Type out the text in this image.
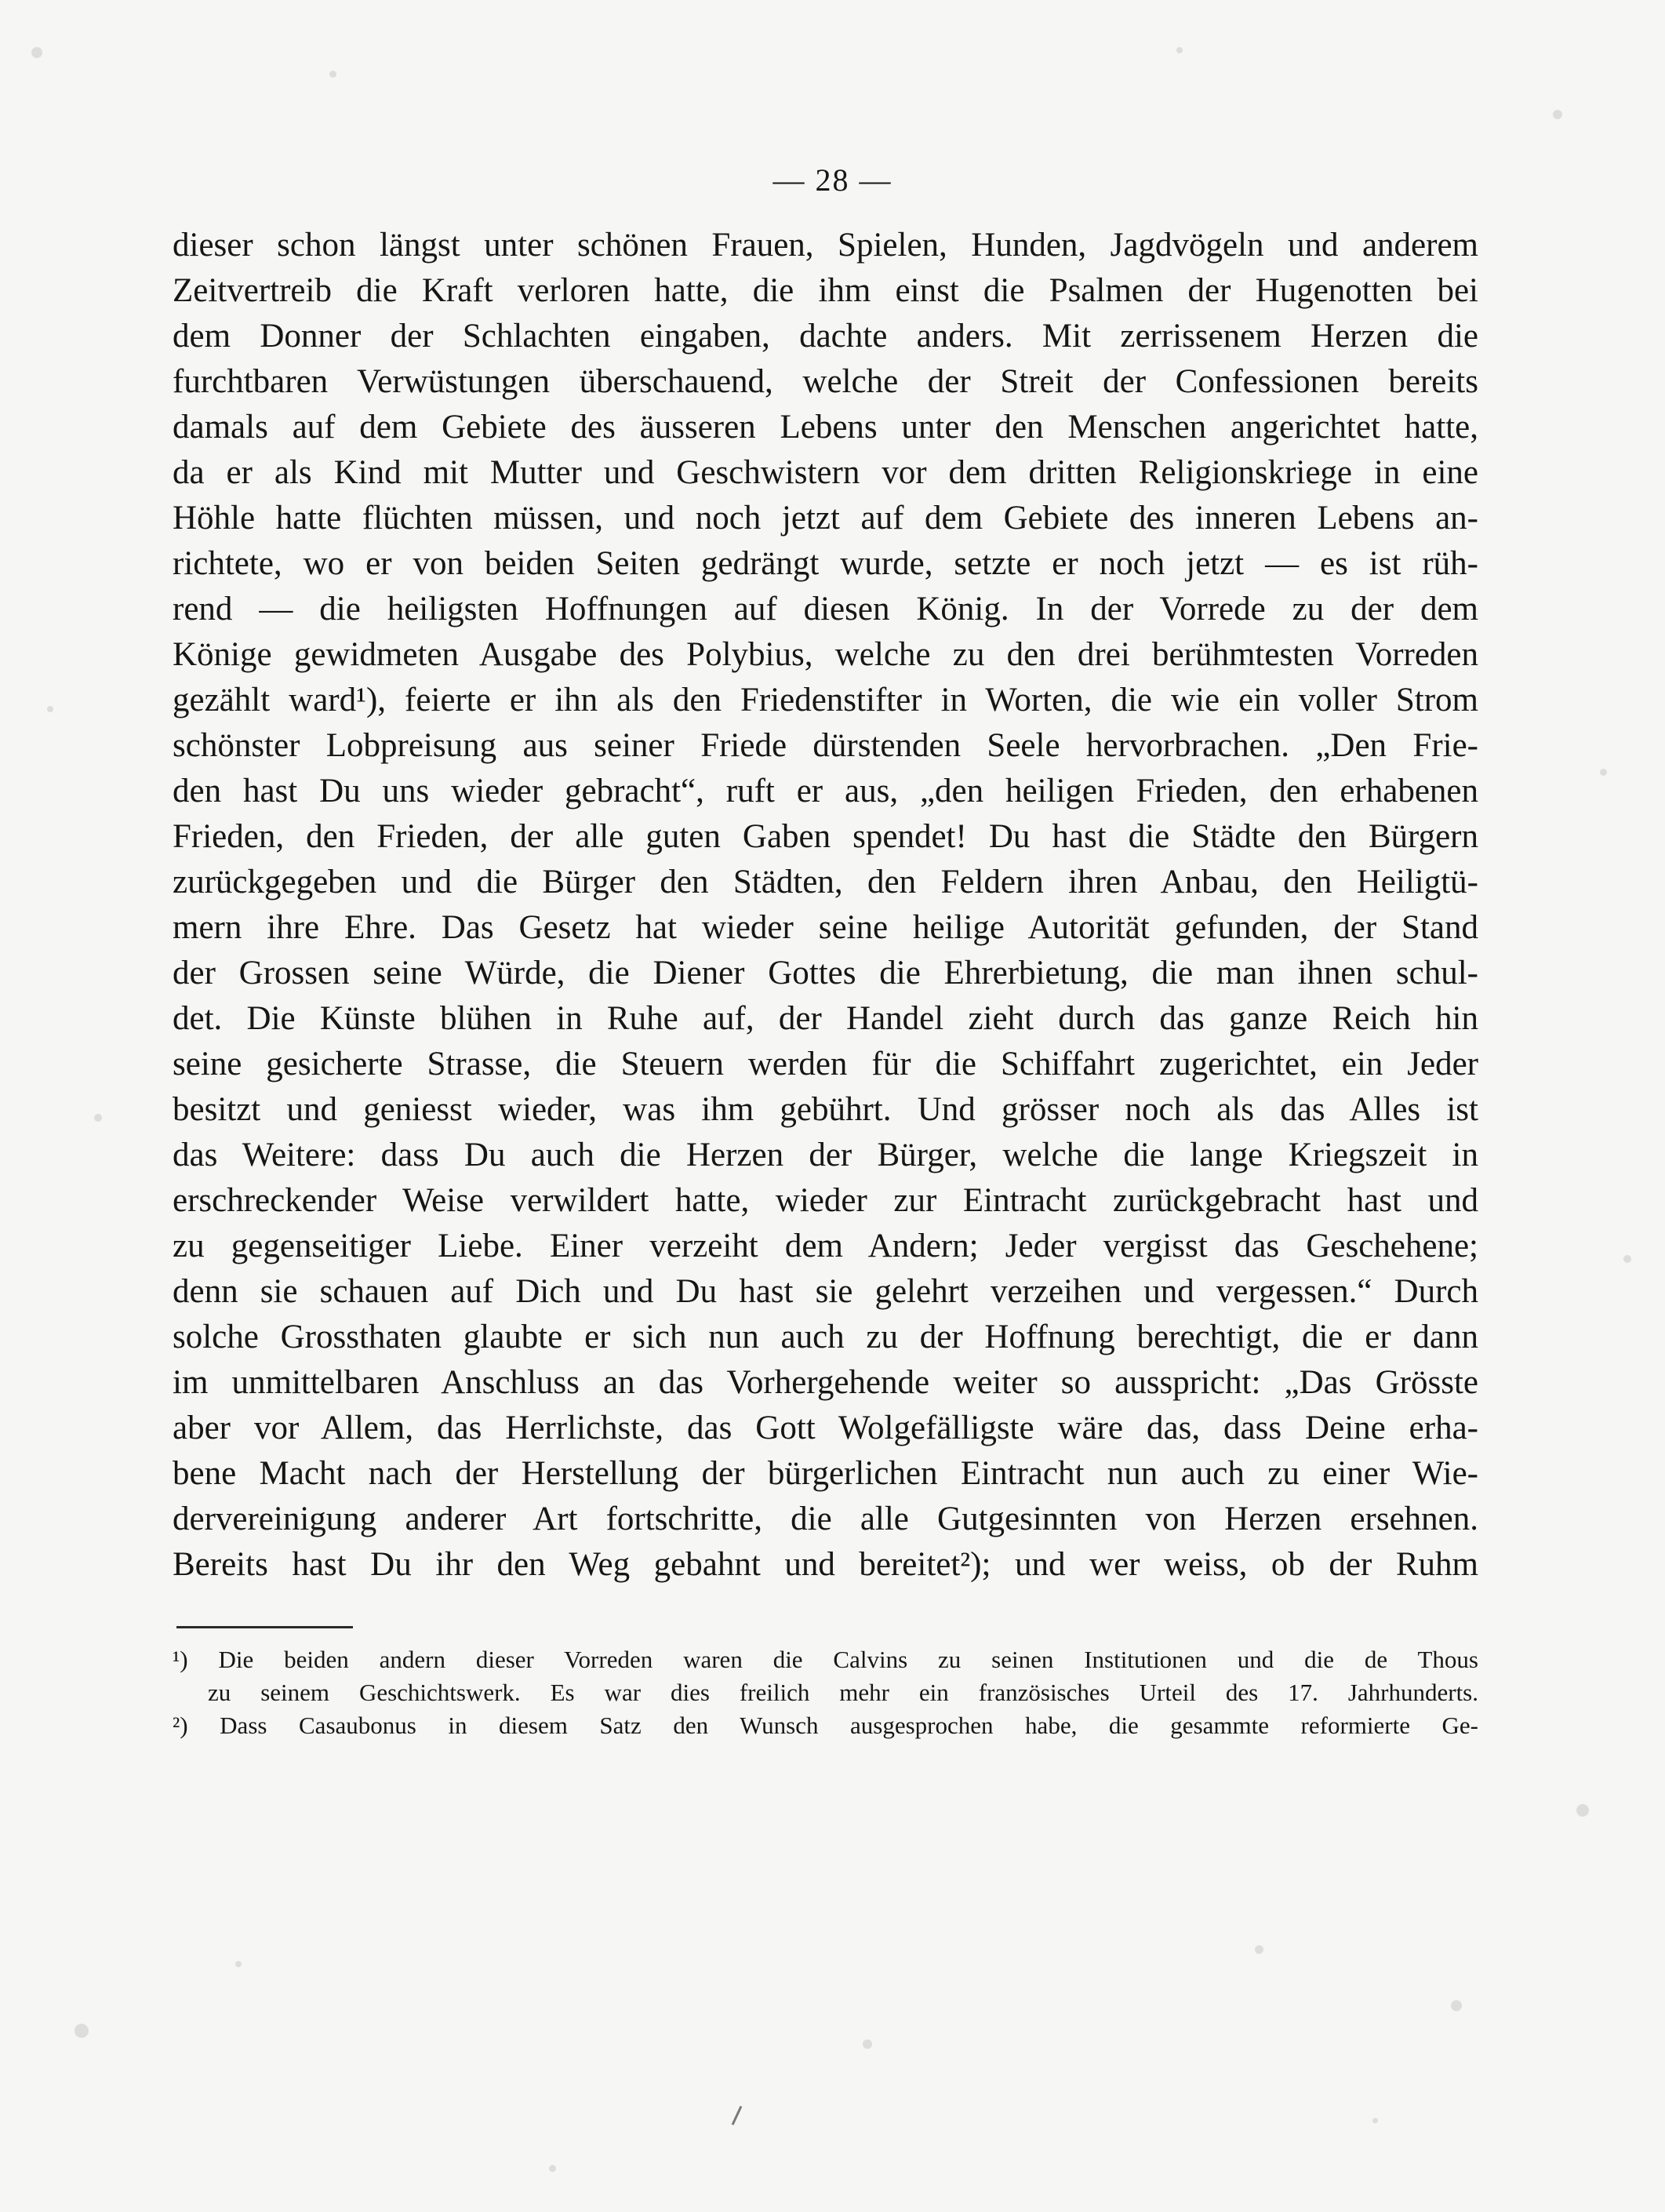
— 28 —
dieser schon längst unter schönen Frauen, Spielen, Hunden, Jagdvögeln und anderem
Zeitvertreib die Kraft verloren hatte, die ihm einst die Psalmen der Hugenotten bei
dem Donner der Schlachten eingaben, dachte anders. Mit zerrissenem Herzen die
furchtbaren Verwüstungen überschauend, welche der Streit der Confessionen bereits
damals auf dem Gebiete des äusseren Lebens unter den Menschen angerichtet hatte,
da er als Kind mit Mutter und Geschwistern vor dem dritten Religionskriege in eine
Höhle hatte flüchten müssen, und noch jetzt auf dem Gebiete des inneren Lebens an-
richtete, wo er von beiden Seiten gedrängt wurde, setzte er noch jetzt — es ist rüh-
rend — die heiligsten Hoffnungen auf diesen König. In der Vorrede zu der dem
Könige gewidmeten Ausgabe des Polybius, welche zu den drei berühmtesten Vorreden
gezählt ward¹), feierte er ihn als den Friedenstifter in Worten, die wie ein voller Strom
schönster Lobpreisung aus seiner Friede dürstenden Seele hervorbrachen. „Den Frie-
den hast Du uns wieder gebracht“, ruft er aus, „den heiligen Frieden, den erhabenen
Frieden, den Frieden, der alle guten Gaben spendet! Du hast die Städte den Bürgern
zurückgegeben und die Bürger den Städten, den Feldern ihren Anbau, den Heiligtü-
mern ihre Ehre. Das Gesetz hat wieder seine heilige Autorität gefunden, der Stand
der Grossen seine Würde, die Diener Gottes die Ehrerbietung, die man ihnen schul-
det. Die Künste blühen in Ruhe auf, der Handel zieht durch das ganze Reich hin
seine gesicherte Strasse, die Steuern werden für die Schiffahrt zugerichtet, ein Jeder
besitzt und geniesst wieder, was ihm gebührt. Und grösser noch als das Alles ist
das Weitere: dass Du auch die Herzen der Bürger, welche die lange Kriegszeit in
erschreckender Weise verwildert hatte, wieder zur Eintracht zurückgebracht hast und
zu gegenseitiger Liebe. Einer verzeiht dem Andern; Jeder vergisst das Geschehene;
denn sie schauen auf Dich und Du hast sie gelehrt verzeihen und vergessen.“ Durch
solche Grossthaten glaubte er sich nun auch zu der Hoffnung berechtigt, die er dann
im unmittelbaren Anschluss an das Vorhergehende weiter so ausspricht: „Das Grösste
aber vor Allem, das Herrlichste, das Gott Wolgefälligste wäre das, dass Deine erha-
bene Macht nach der Herstellung der bürgerlichen Eintracht nun auch zu einer Wie-
dervereinigung anderer Art fortschritte, die alle Gutgesinnten von Herzen ersehnen.
Bereits hast Du ihr den Weg gebahnt und bereitet²); und wer weiss, ob der Ruhm
¹) Die beiden andern dieser Vorreden waren die Calvins zu seinen Institutionen und die de Thous
zu seinem Geschichtswerk. Es war dies freilich mehr ein französisches Urteil des 17. Jahrhunderts.
²) Dass Casaubonus in diesem Satz den Wunsch ausgesprochen habe, die gesammte reformierte Ge-
